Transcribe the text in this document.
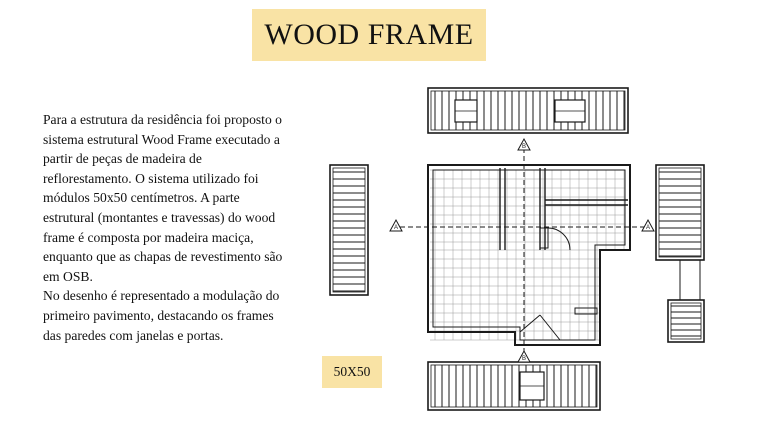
WOOD FRAME

Para a estrutura da residência foi proposto o sistema estrutural Wood Frame executado a partir de peças de madeira de reflorestamento. O sistema utilizado foi módulos 50x50 centímetros. A parte estrutural (montantes e travessas) do wood frame é composta por madeira maciça, enquanto que as chapas de revestimento são em OSB.

No desenho é representado a modulação do primeiro pavimento, destacando os frames das paredes com janelas e portas.

50X50
A	A
B
B
